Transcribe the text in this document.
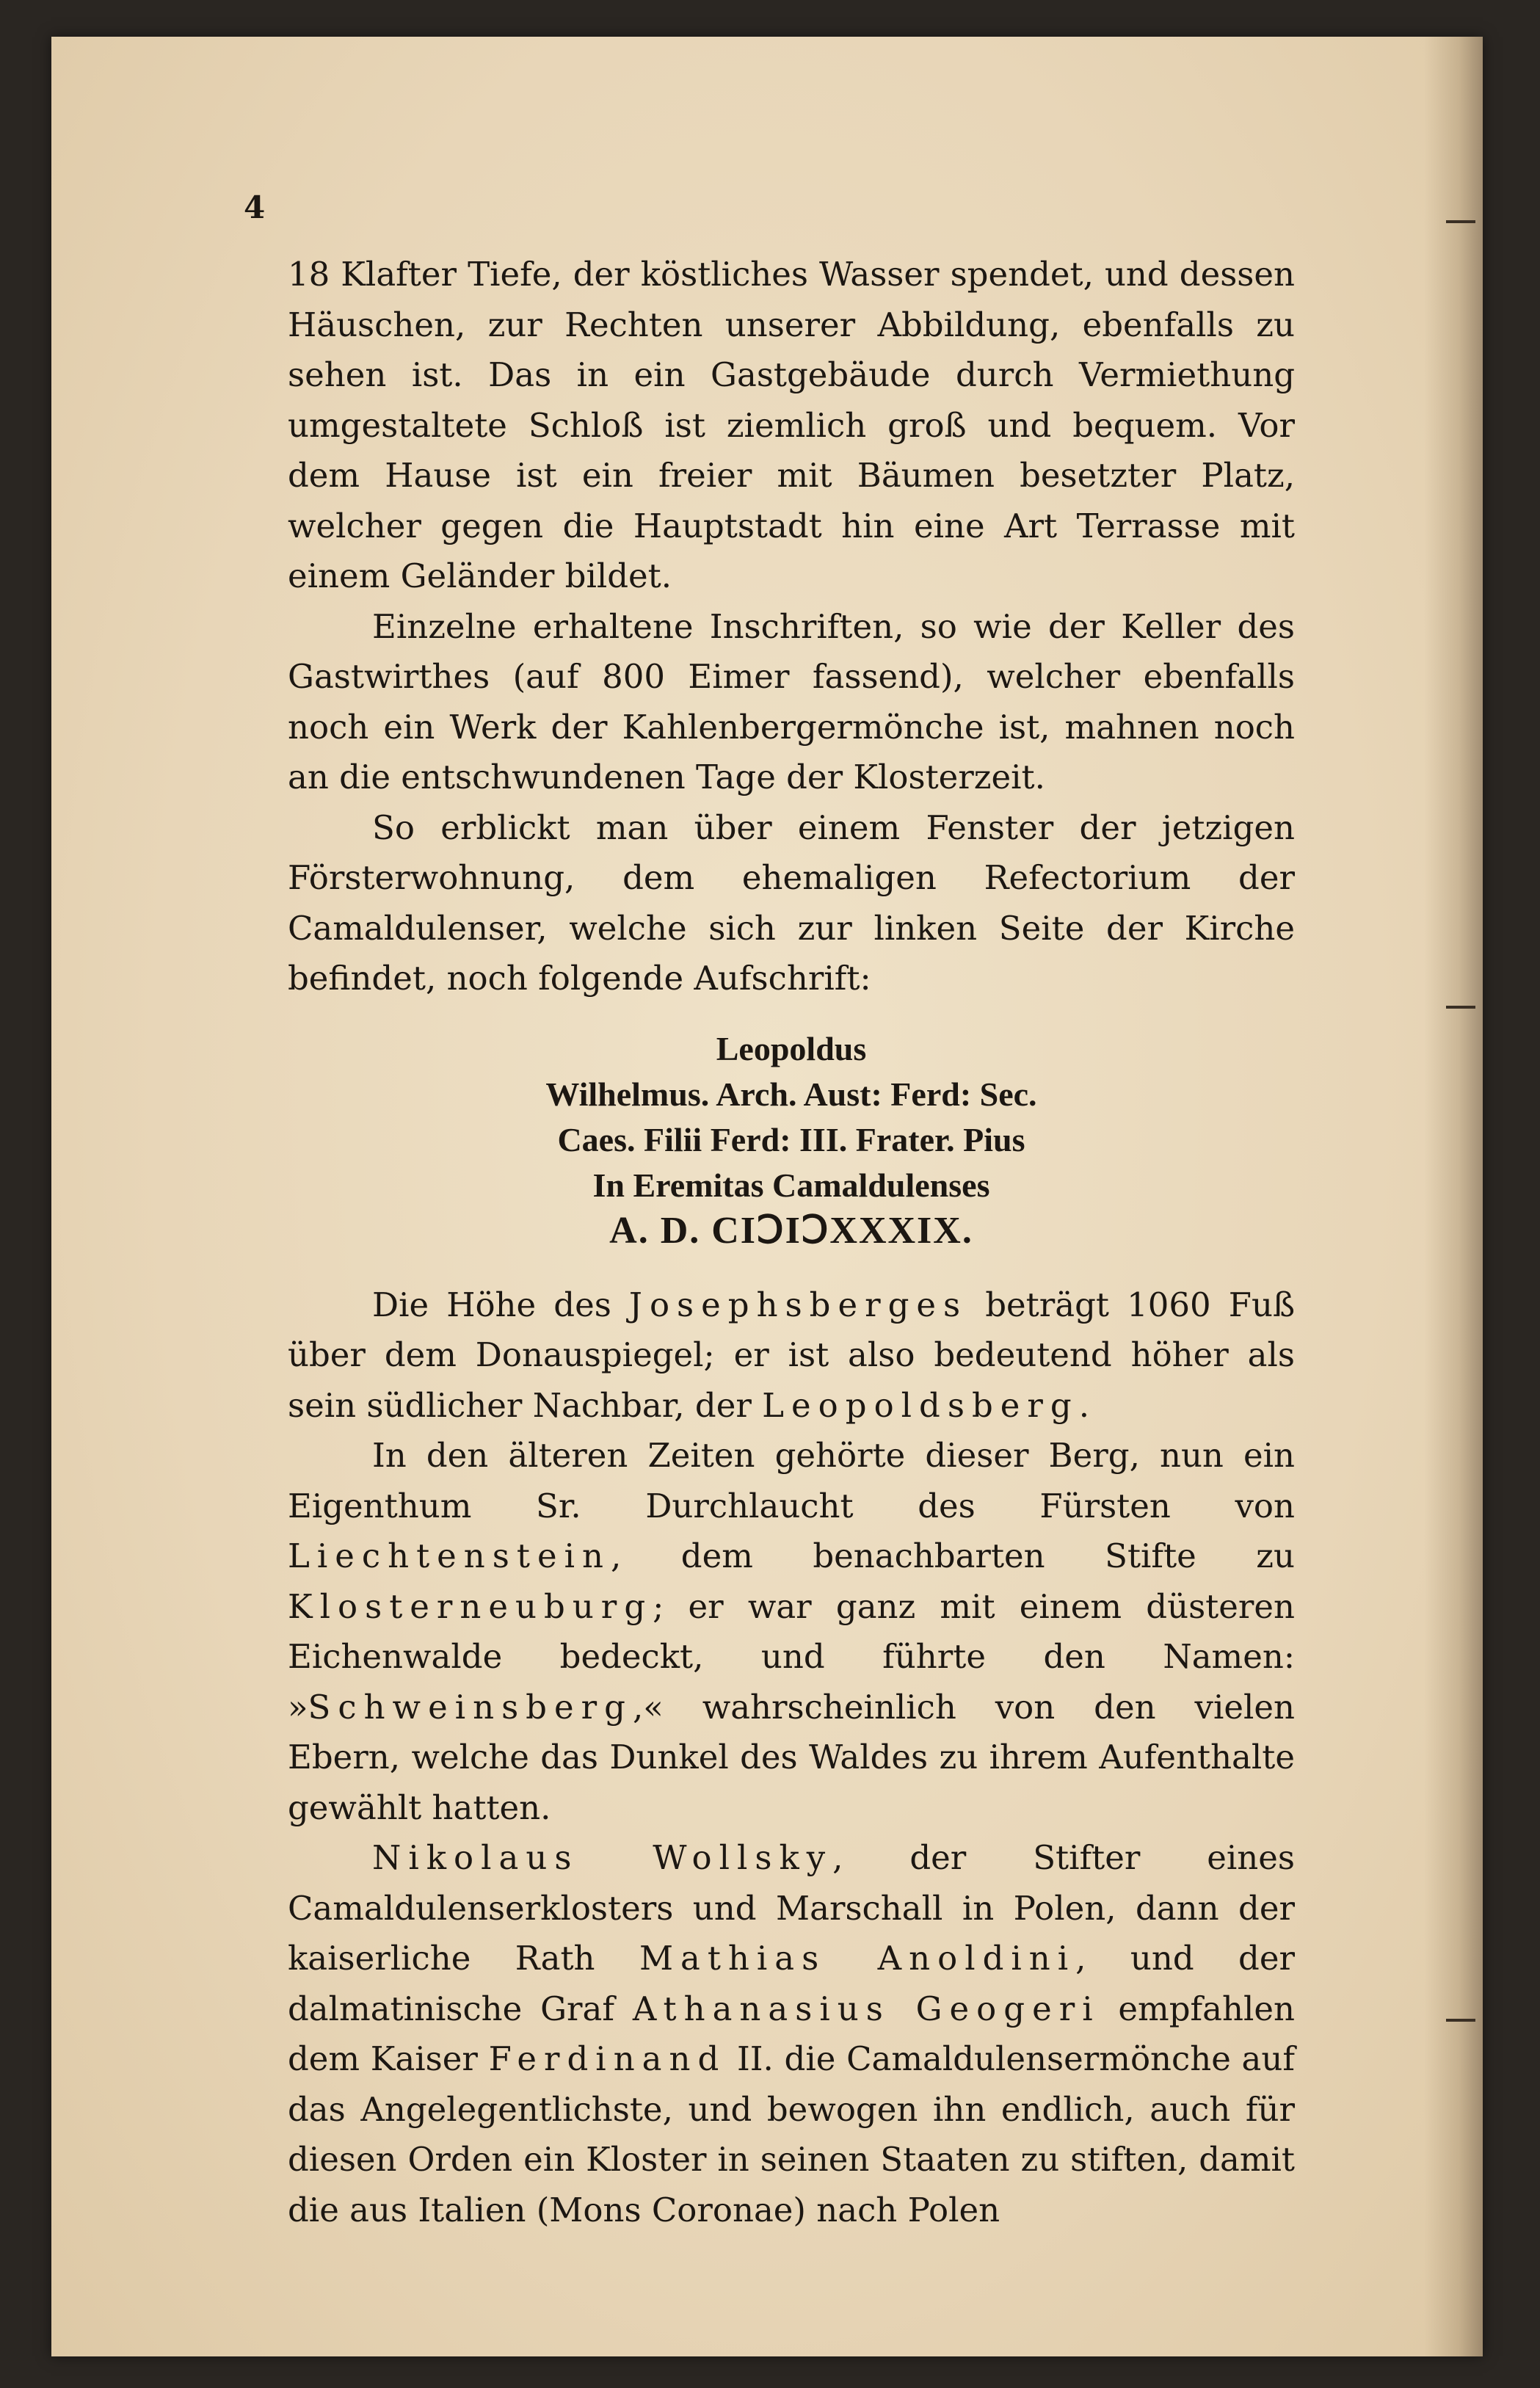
4

18 Klafter Tiefe, der köstliches Wasser spendet, und dessen Häuschen, zur Rechten unserer Abbildung, ebenfalls zu sehen ist. Das in ein Gastgebäude durch Vermiethung umgestaltete Schloß ist ziemlich groß und bequem. Vor dem Hause ist ein freier mit Bäumen besetzter Platz, welcher gegen die Hauptstadt hin eine Art Terrasse mit einem Geländer bildet.

Einzelne erhaltene Inschriften, so wie der Keller des Gastwirthes (auf 800 Eimer fassend), welcher ebenfalls noch ein Werk der Kahlenbergermönche ist, mahnen noch an die entschwundenen Tage der Klosterzeit.

So erblickt man über einem Fenster der jetzigen Försterwohnung, dem ehemaligen Refectorium der Camaldulenser, welche sich zur linken Seite der Kirche befindet, noch folgende Aufschrift:

Leopoldus
Wilhelmus. Arch. Aust: Ferd: Sec.
Caes. Filii Ferd: III. Frater. Pius
In Eremitas Camaldulenses
A. D. CIↃIↃXXXIX.

Die Höhe des Josephsberges beträgt 1060 Fuß über dem Donauspiegel; er ist also bedeutend höher als sein südlicher Nachbar, der Leopoldsberg.

In den älteren Zeiten gehörte dieser Berg, nun ein Eigenthum Sr. Durchlaucht des Fürsten von Liechtenstein, dem benachbarten Stifte zu Klosterneuburg; er war ganz mit einem düsteren Eichenwalde bedeckt, und führte den Namen: »Schweinsberg,« wahrscheinlich von den vielen Ebern, welche das Dunkel des Waldes zu ihrem Aufenthalte gewählt hatten.

Nikolaus Wollsky, der Stifter eines Camaldulenserklosters und Marschall in Polen, dann der kaiserliche Rath Mathias Anoldini, und der dalmatinische Graf Athanasius Geogeri empfahlen dem Kaiser Ferdinand II. die Camaldulensermönche auf das Angelegentlichste, und bewogen ihn endlich, auch für diesen Orden ein Kloster in seinen Staaten zu stiften, damit die aus Italien (Mons Coronae) nach Polen
